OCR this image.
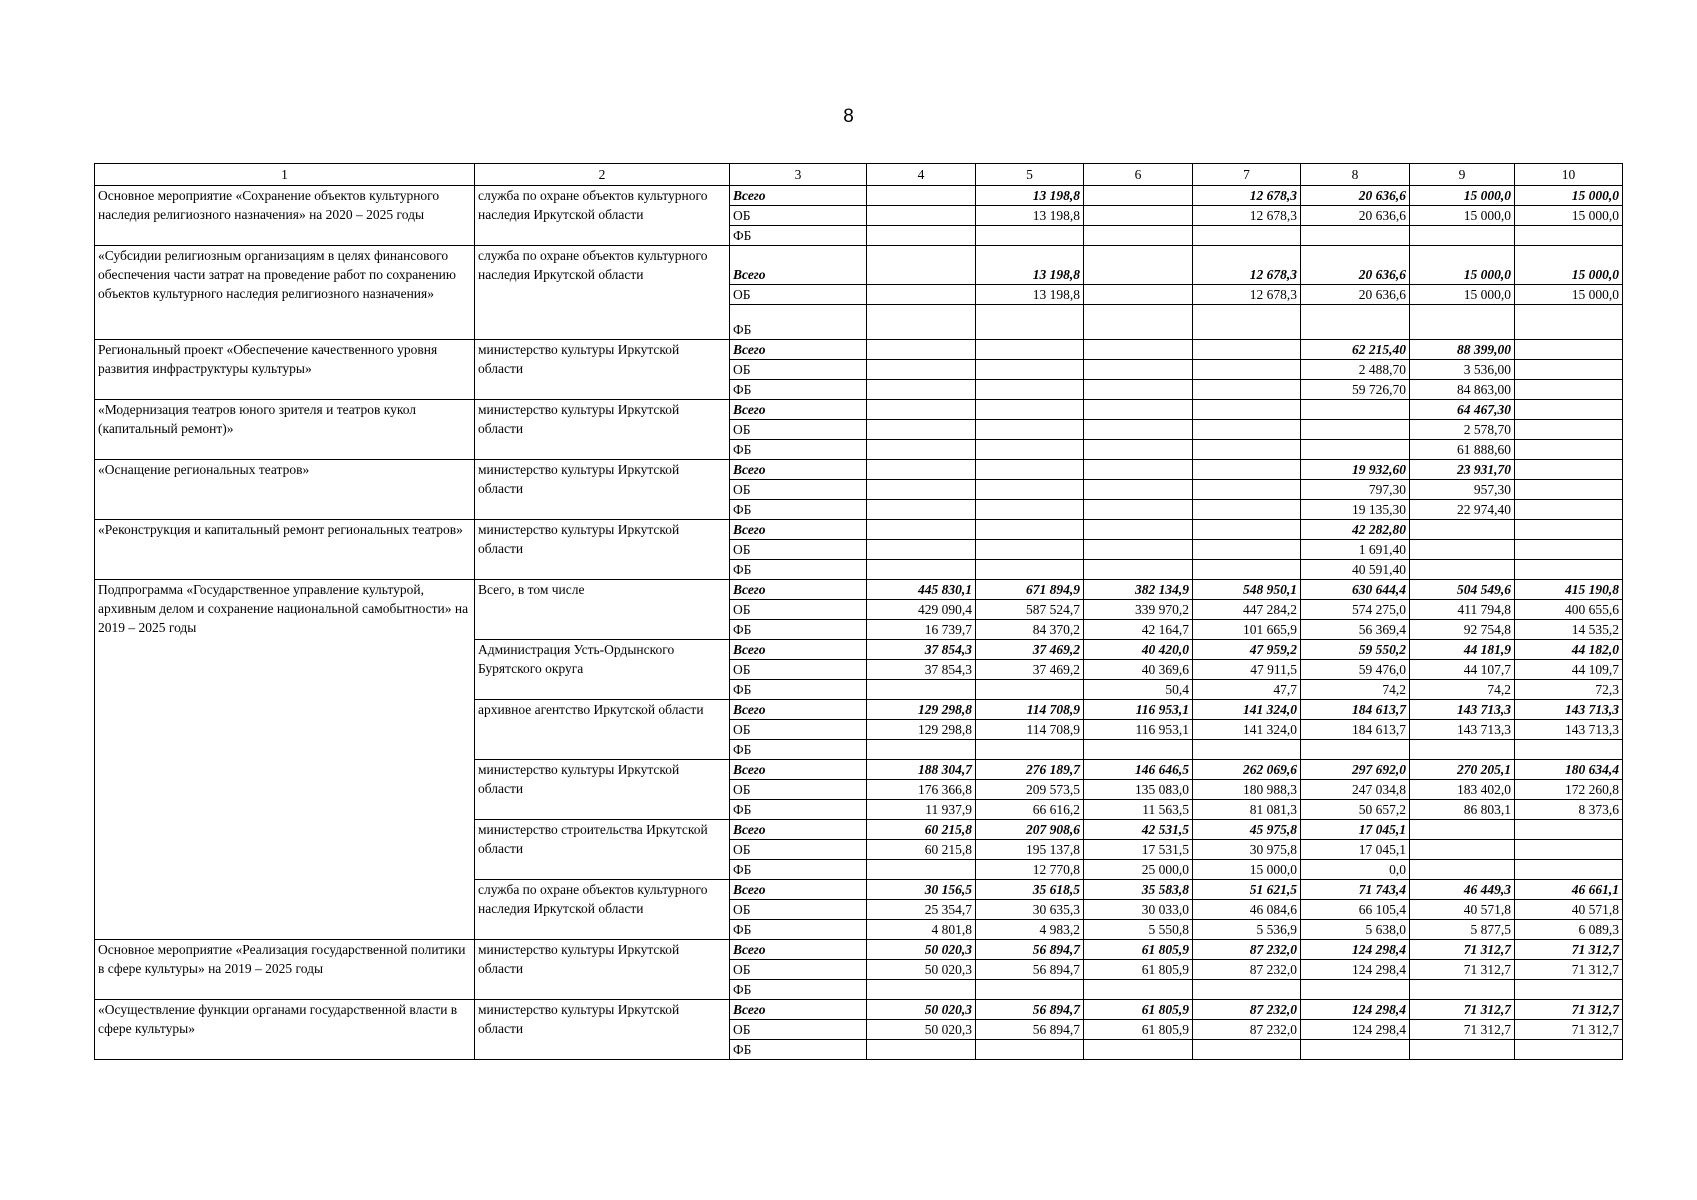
8
1	2	3	4	5	6	7	8	9	10
Основное мероприятие «Сохранение объектов культурного наследия религиозного назначения» на 2020 – 2025 годы	служба по охране объектов культурного наследия Иркутской области	Всего		13 198,8		12 678,3	20 636,6	15 000,0	15 000,0
		ОБ		13 198,8		12 678,3	20 636,6	15 000,0	15 000,0
		ФБ							
«Субсидии религиозным организациям в целях финансового обеспечения части затрат на проведение работ по сохранению объектов культурного наследия религиозного назначения»	служба по охране объектов культурного наследия Иркутской области	Всего		13 198,8		12 678,3	20 636,6	15 000,0	15 000,0
		ОБ		13 198,8		12 678,3	20 636,6	15 000,0	15 000,0
		ФБ							
Региональный проект «Обеспечение качественного уровня развития инфраструктуры культуры»	министерство культуры Иркутской области	Всего					62 215,40	88 399,00	
		ОБ					2 488,70	3 536,00	
		ФБ					59 726,70	84 863,00	
«Модернизация театров юного зрителя и театров кукол (капитальный ремонт)»	министерство культуры Иркутской области	Всего						64 467,30	
		ОБ						2 578,70	
		ФБ						61 888,60	
«Оснащение региональных театров»	министерство культуры Иркутской области	Всего					19 932,60	23 931,70	
		ОБ					797,30	957,30	
		ФБ					19 135,30	22 974,40	
«Реконструкция и капитальный ремонт региональных театров»	министерство культуры Иркутской области	Всего					42 282,80		
		ОБ					1 691,40		
		ФБ					40 591,40		
Подпрограмма «Государственное управление культурой, архивным делом и сохранение национальной самобытности» на 2019 – 2025 годы	Всего, в том числе	Всего	445 830,1	671 894,9	382 134,9	548 950,1	630 644,4	504 549,6	415 190,8
		ОБ	429 090,4	587 524,7	339 970,2	447 284,2	574 275,0	411 794,8	400 655,6
		ФБ	16 739,7	84 370,2	42 164,7	101 665,9	56 369,4	92 754,8	14 535,2
	Администрация Усть-Ордынского Бурятского округа	Всего	37 854,3	37 469,2	40 420,0	47 959,2	59 550,2	44 181,9	44 182,0
		ОБ	37 854,3	37 469,2	40 369,6	47 911,5	59 476,0	44 107,7	44 109,7
		ФБ			50,4	47,7	74,2	74,2	72,3
	архивное агентство Иркутской области	Всего	129 298,8	114 708,9	116 953,1	141 324,0	184 613,7	143 713,3	143 713,3
		ОБ	129 298,8	114 708,9	116 953,1	141 324,0	184 613,7	143 713,3	143 713,3
		ФБ							
	министерство культуры Иркутской области	Всего	188 304,7	276 189,7	146 646,5	262 069,6	297 692,0	270 205,1	180 634,4
		ОБ	176 366,8	209 573,5	135 083,0	180 988,3	247 034,8	183 402,0	172 260,8
		ФБ	11 937,9	66 616,2	11 563,5	81 081,3	50 657,2	86 803,1	8 373,6
	министерство строительства Иркутской области	Всего	60 215,8	207 908,6	42 531,5	45 975,8	17 045,1		
		ОБ	60 215,8	195 137,8	17 531,5	30 975,8	17 045,1		
		ФБ		12 770,8	25 000,0	15 000,0	0,0		
	служба по охране объектов культурного наследия Иркутской области	Всего	30 156,5	35 618,5	35 583,8	51 621,5	71 743,4	46 449,3	46 661,1
		ОБ	25 354,7	30 635,3	30 033,0	46 084,6	66 105,4	40 571,8	40 571,8
		ФБ	4 801,8	4 983,2	5 550,8	5 536,9	5 638,0	5 877,5	6 089,3
Основное мероприятие «Реализация государственной политики в сфере культуры» на 2019 – 2025 годы	министерство культуры Иркутской области	Всего	50 020,3	56 894,7	61 805,9	87 232,0	124 298,4	71 312,7	71 312,7
		ОБ	50 020,3	56 894,7	61 805,9	87 232,0	124 298,4	71 312,7	71 312,7
		ФБ							
«Осуществление функции органами государственной власти в сфере культуры»	министерство культуры Иркутской области	Всего	50 020,3	56 894,7	61 805,9	87 232,0	124 298,4	71 312,7	71 312,7
		ОБ	50 020,3	56 894,7	61 805,9	87 232,0	124 298,4	71 312,7	71 312,7
		ФБ							
